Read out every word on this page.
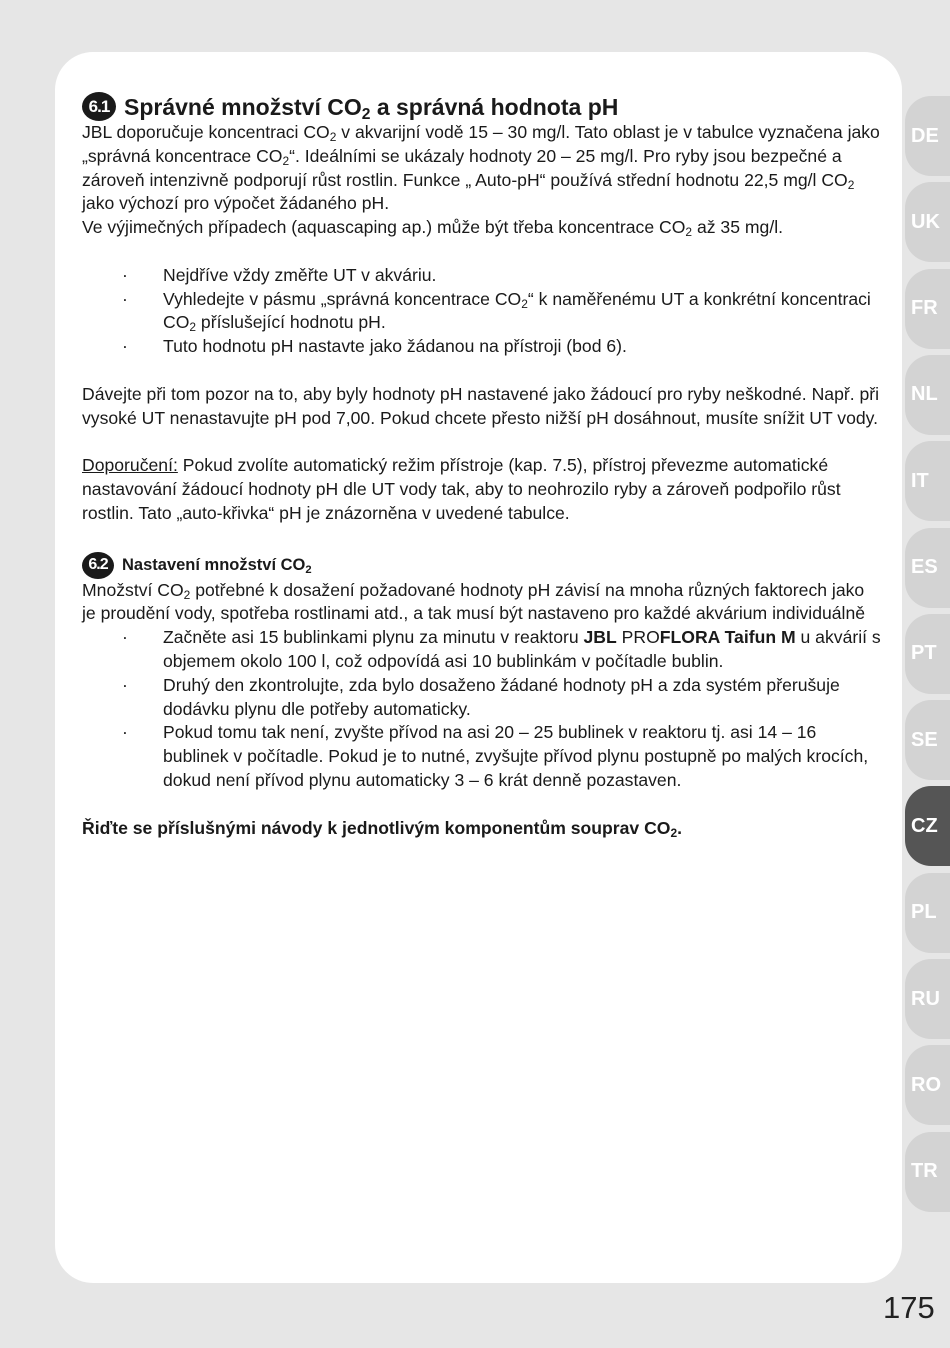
6.1 Správné množství $CO_2$ a správná hodnota pH

JBL doporučuje koncentraci $CO_2$ v akvarijní vodě 15 – 30 mg/l. Tato oblast je v tabulce vyznačena jako „správná koncentrace $CO_2“$. Ideálními se ukázaly hodnoty 20 – 25 mg/l. Pro ryby jsou bezpečné a zároveň intenzivně podporují růst rostlin. Funkce „ Auto-pH“ používá střední hodnotu 22,5 mg/l $CO_2$ jako výchozí pro výpočet žádaného pH.
Ve výjimečných případech (aquascaping ap.) může být třeba koncentrace $CO_2$ až 35 mg/l.

· Nejdříve vždy změřte UT v akváriu.
· Vyhledejte v pásmu „správná koncentrace $CO_2“$ k naměřenému UT a konkrétní koncentraci $CO_2$ příslušející hodnotu pH.
· Tuto hodnotu pH nastavte jako žádanou na přístroji (bod 6).

Dávejte při tom pozor na to, aby byly hodnoty pH nastavené jako žádoucí pro ryby neškodné. Např. při vysoké UT nenastavujte pH pod 7,00. Pokud chcete přesto nižší pH dosáhnout, musíte snížit UT vody.

Doporučení: Pokud zvolíte automatický režim přístroje (kap. 7.5), přístroj převezme automatické nastavování žádoucí hodnoty pH dle UT vody tak, aby to neohrozilo ryby a zároveň podpořilo růst rostlin. Tato „auto-křivka“ pH je znázorněna v uvedené tabulce.

6.2 Nastavení množství $CO_2$

Množství $CO_2$ potřebné k dosažení požadované hodnoty pH závisí na mnoha různých faktorech jako je proudění vody, spotřeba rostlinami atd., a tak musí být nastaveno pro každé akvárium individuálně

· Začněte asi 15 bublinkami plynu za minutu v reaktoru JBL PROFLORA Taifun M u akvárií s objemem okolo 100 l, což odpovídá asi 10 bublinkám v počítadle bublin.
· Druhý den zkontrolujte, zda bylo dosaženo žádané hodnoty pH a zda systém přerušuje dodávku plynu dle potřeby automaticky.
· Pokud tomu tak není, zvyšte přívod na asi 20 – 25 bublinek v reaktoru tj. asi 14 – 16 bublinek v počítadle. Pokud je to nutné, zvyšujte přívod plynu postupně po malých krocích, dokud není přívod plynu automaticky 3 – 6 krát denně pozastaven.

Řiďte se příslušnými návody k jednotlivým komponentům souprav $CO_2$.

DE
UK
FR
NL
IT
ES
PT
SE
CZ
PL
RU
RO
TR
175
